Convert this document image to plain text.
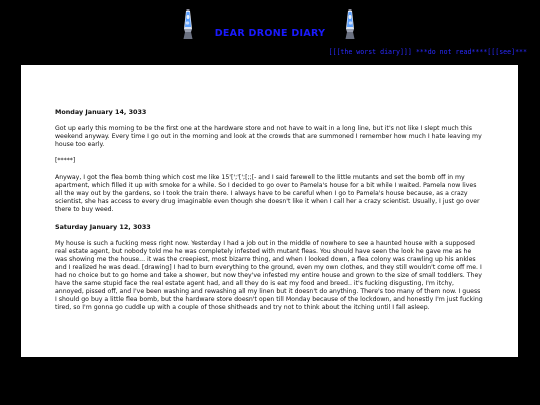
DEAR DRONE DIARY
[[[the worst diary]]] ***do not read****[[[see]***
Monday January 14, 3033

Got up early this morning to be the first one at the hardware store and not have to wait in a long line, but it's not like I slept much this weekend anyway. Every time I go out in the morning and look at the crowds that are summoned I remember how much I hate leaving my house too early.

[*****]

Anyway, I got the flea bomb thing which cost me like 15'[';'[';[;;[- and I said farewell to the little mutants and set the bomb off in my apartment, which filled it up with smoke for a while. So I decided to go over to Pamela's house for a bit while I waited. Pamela now lives all the way out by the gardens, so I took the train there. I always have to be careful when I go to Pamela's house because, as a crazy scientist, she has access to every drug imaginable even though she doesn't like it when I call her a crazy scientist. Usually, I just go over there to buy weed.

Saturday January 12, 3033

My house is such a fucking mess right now. Yesterday I had a job out in the middle of nowhere to see a haunted house with a supposed real estate agent, but nobody told me he was completely infested with mutant fleas. You should have seen the look he gave me as he was showing me the house... it was the creepiest, most bizarre thing, and when I looked down, a flea colony was crawling up his ankles and I realized he was dead. [drawing] I had to burn everything to the ground, even my own clothes, and they still wouldn't come off me. I had no choice but to go home and take a shower, but now they've infested my entire house and grown to the size of small toddlers. They have the same stupid face the real estate agent had, and all they do is eat my food and breed.. it's fucking disgusting, I'm itchy, annoyed, pissed off, and I've been washing and rewashing all my linen but it doesn't do anything. There's too many of them now. I guess I should go buy a little flea bomb, but the hardware store doesn't open till Monday because of the lockdown, and honestly I'm just fucking tired, so I'm gonna go cuddle up with a couple of those shitheads and try not to think about the itching until I fall asleep.
